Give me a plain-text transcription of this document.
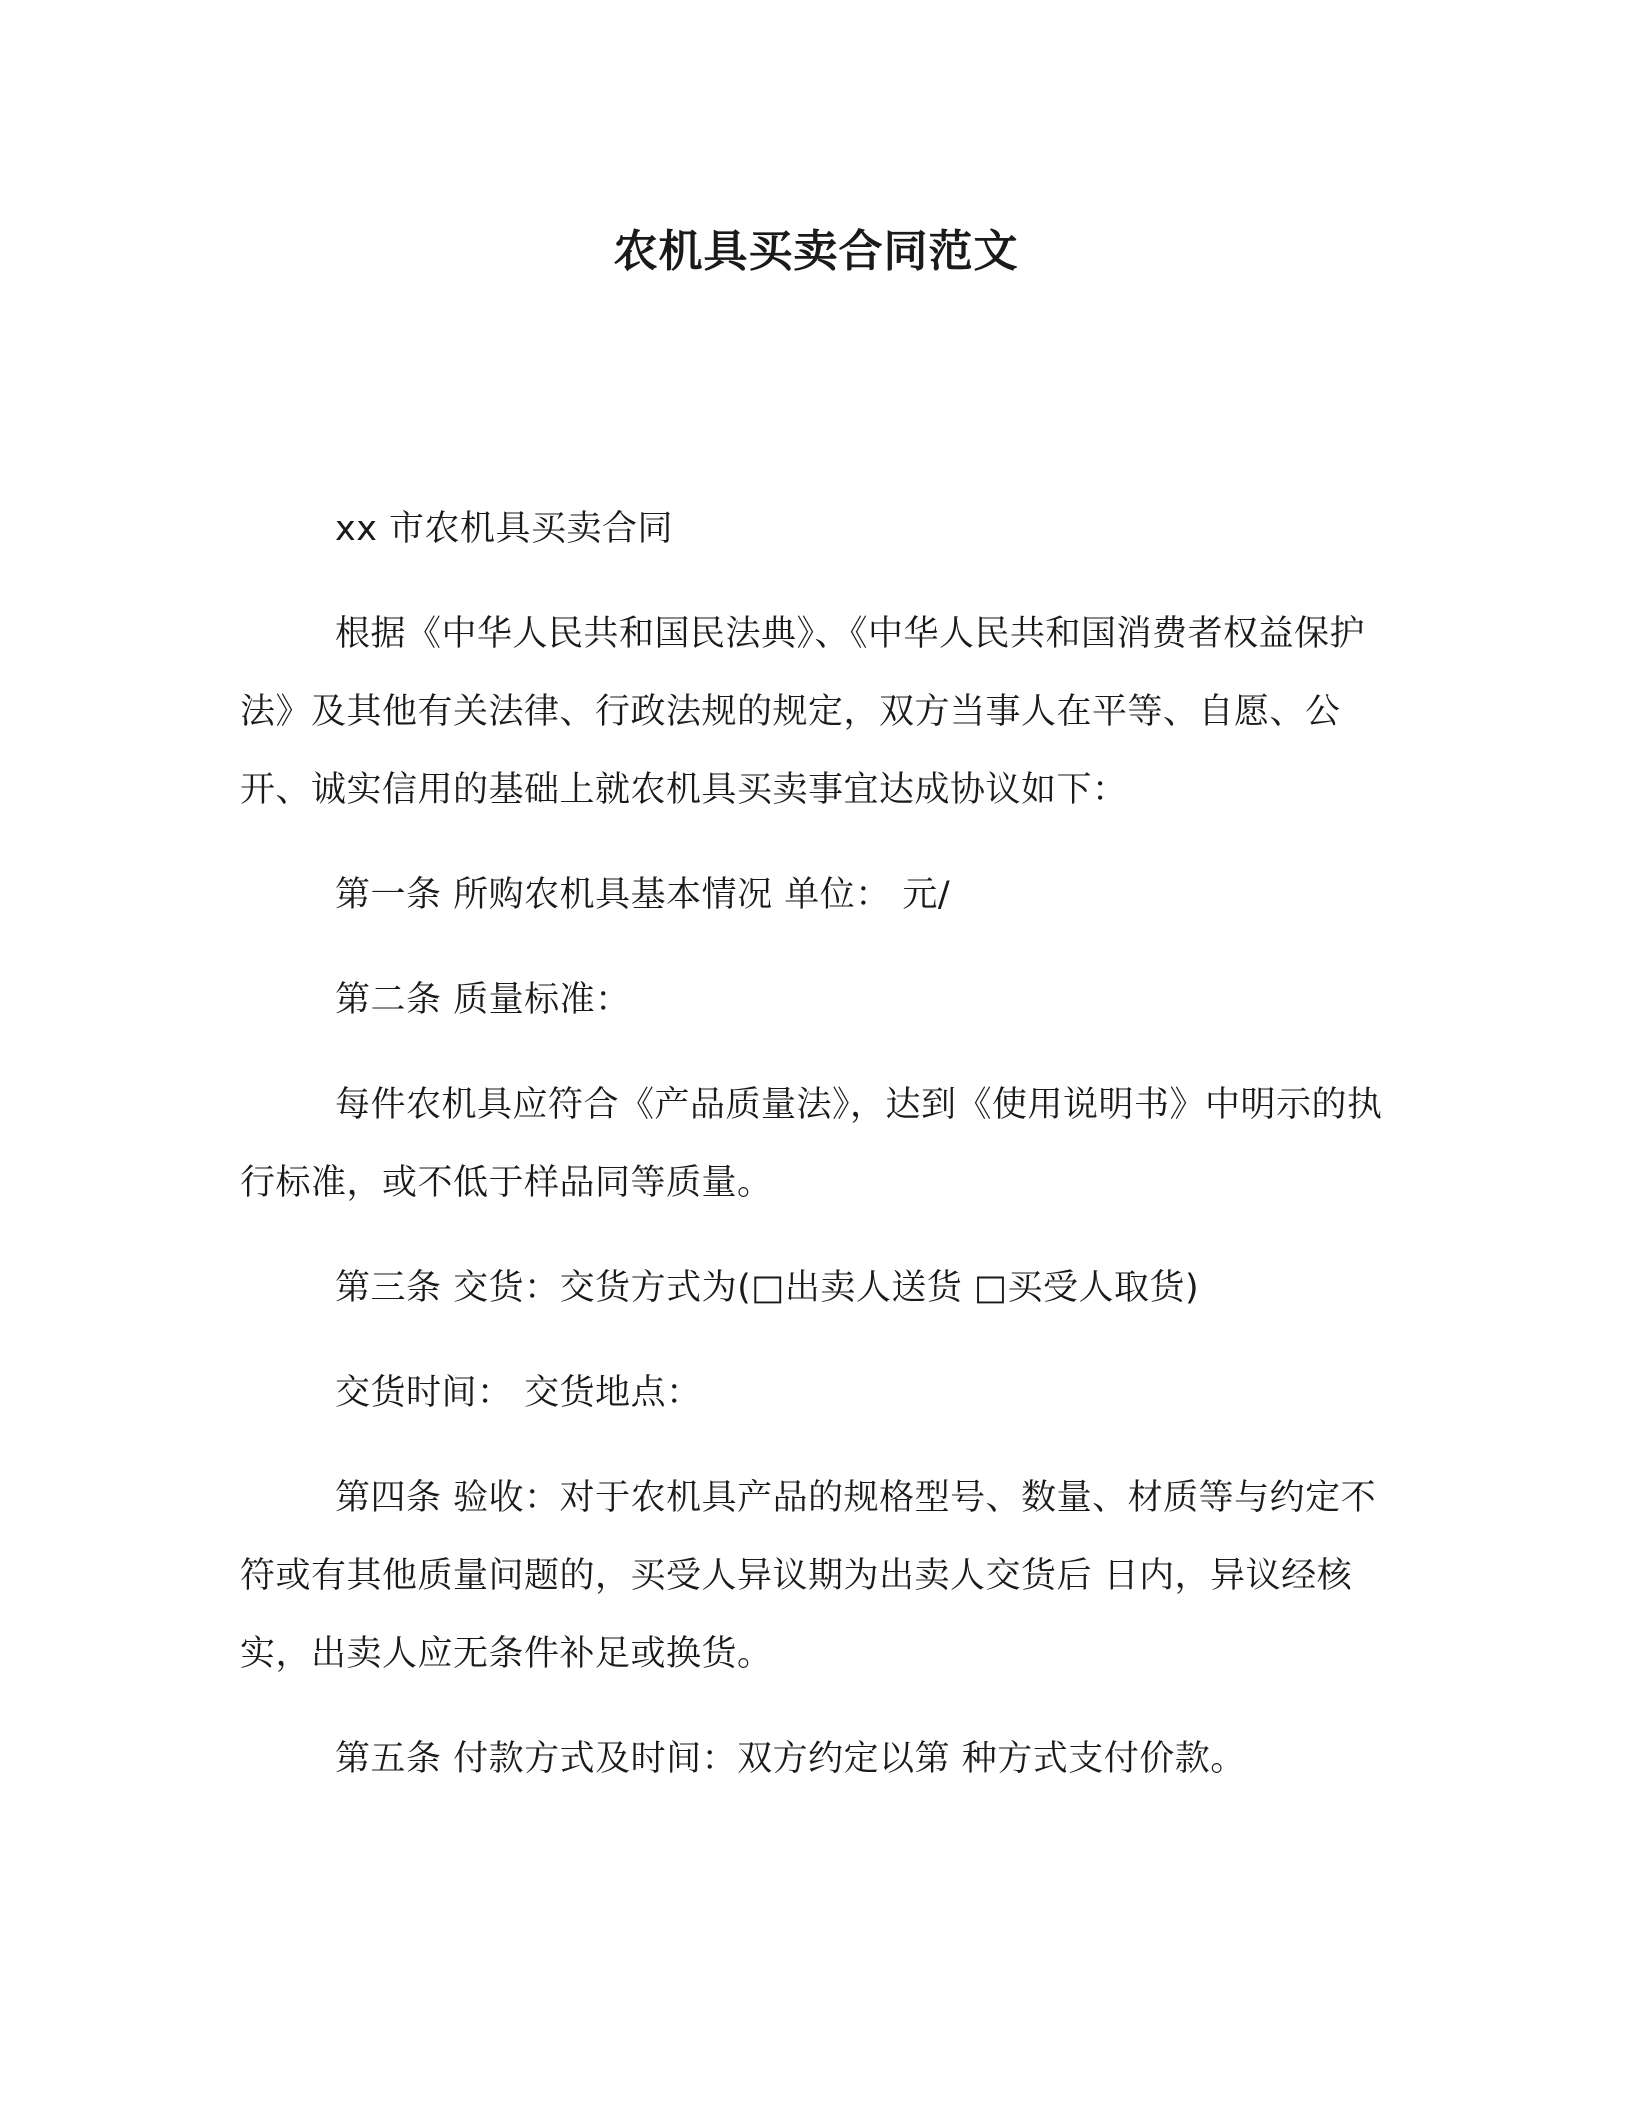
农机具买卖合同范文

xx 市农机具买卖合同

根据《中华人民共和国民法典》、《中华人民共和国消费者权益保护法》及其他有关法律、行政法规的规定，双方当事人在平等、自愿、公开、诚实信用的基础上就农机具买卖事宜达成协议如下：

第一条 所购农机具基本情况 单位： 元/

第二条 质量标准：

每件农机具应符合《产品质量法》，达到《使用说明书》中明示的执行标准，或不低于样品同等质量。

第三条 交货：交货方式为(□出卖人送货 □买受人取货)

交货时间： 交货地点：

第四条 验收：对于农机具产品的规格型号、数量、材质等与约定不符或有其他质量问题的，买受人异议期为出卖人交货后 日内，异议经核实，出卖人应无条件补足或换货。

第五条 付款方式及时间：双方约定以第 种方式支付价款。
